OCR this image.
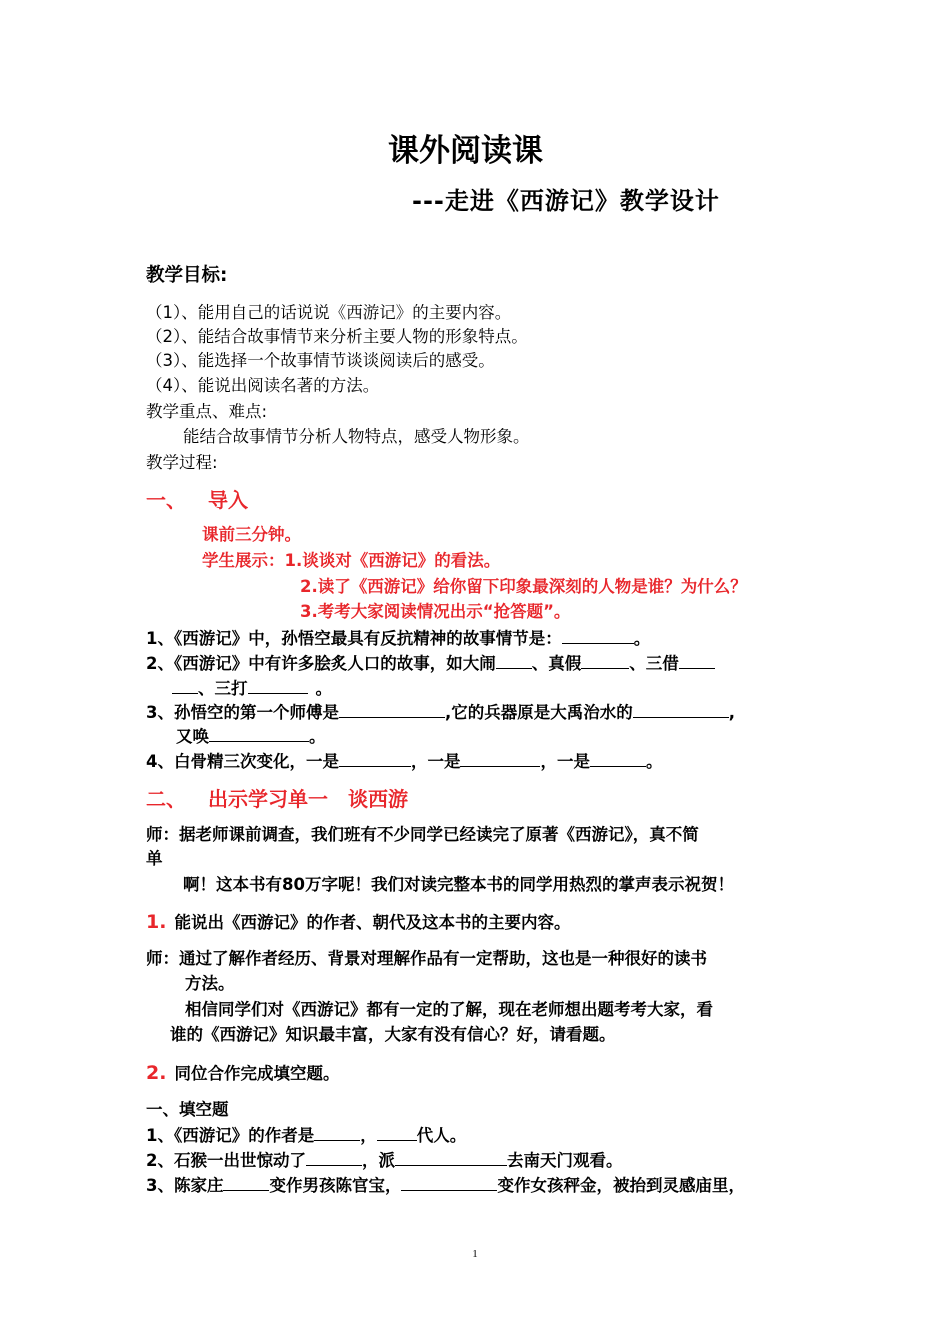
课外阅读课
---走进《西游记》教学设计
教学目标:
（1）、能用自己的话说说《西游记》的主要内容。
（2）、能结合故事情节来分析主要人物的形象特点。
（3）、能选择一个故事情节谈谈阅读后的感受。
（4）、能说出阅读名著的方法。
教学重点、难点:
能结合故事情节分析人物特点，感受人物形象。
教学过程:
一、 导入
课前三分钟。
学生展示：1.谈谈对《西游记》的看法。
2.读了《西游记》给你留下印象最深刻的人物是谁？为什么？
3.考考大家阅读情况出示“抢答题”。
1、《西游记》中，孙悟空最具有反抗精神的故事情节是：	。
2、《西游记》中有许多脍炙人口的故事，如大闹 、真假	、三借
、三打	。
3、孙悟空的第一个师傅是	,它的兵器原是大禹治水的	,
又唤	。
4、白骨精三次变化，一是	，一是	，一是	。
二、 出示学习单一 谈西游
师：据老师课前调查，我们班有不少同学已经读完了原著《西游记》，真不简
单
啊！这本书有80万字呢！我们对读完整本书的同学用热烈的掌声表示祝贺！
1. 能说出《西游记》的作者、朝代及这本书的主要内容。
师：通过了解作者经历、背景对理解作品有一定帮助，这也是一种很好的读书
方法。
相信同学们对《西游记》都有一定的了解，现在老师想出题考考大家，看
谁的《西游记》知识最丰富，大家有没有信心？好，请看题。
2. 同位合作完成填空题。
一、填空题
1、《西游记》的作者是	， 代人。
2、石猴一出世惊动了	，派	去南天门观看。
3、陈家庄	变作男孩陈官宝，	变作女孩秤金，被抬到灵感庙里，
1
